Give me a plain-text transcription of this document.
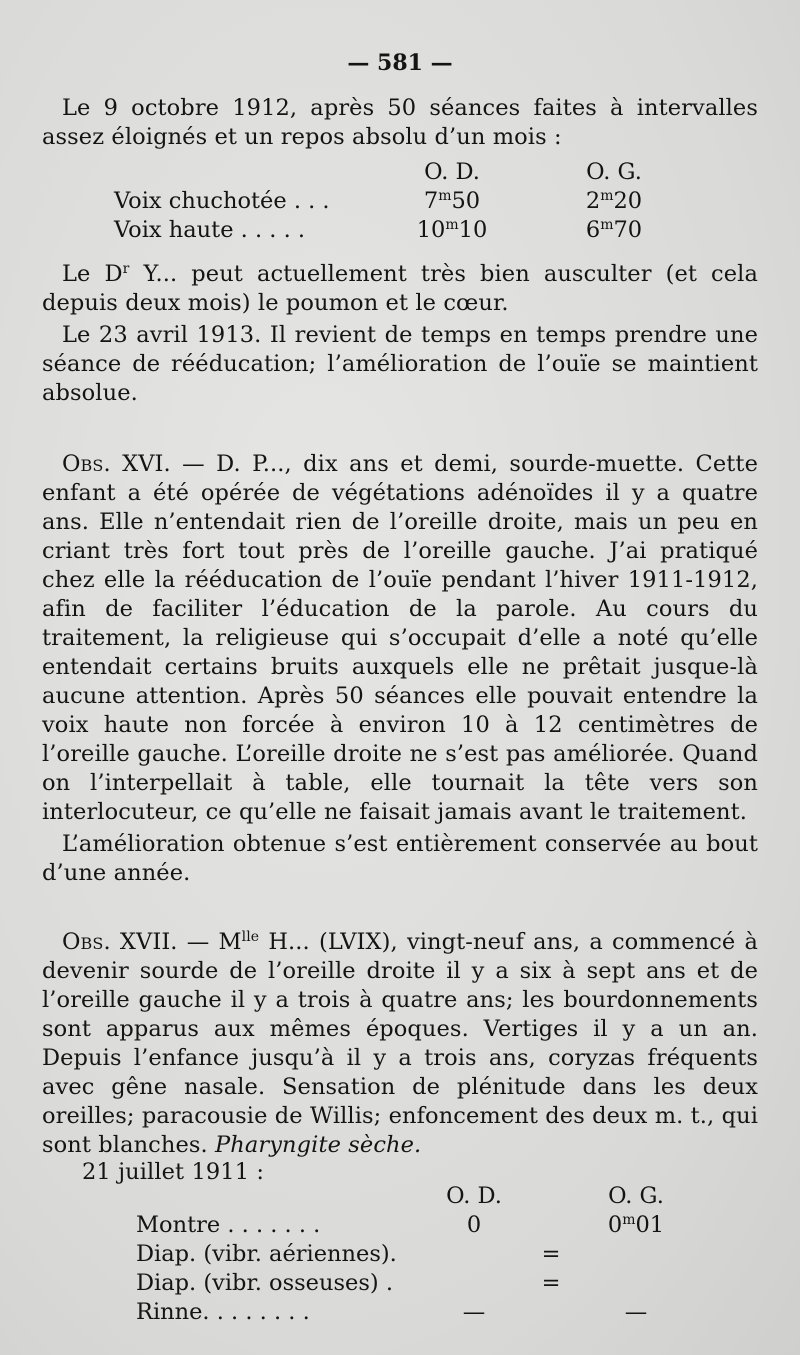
— 581 —
Le 9 octobre 1912, après 50 séances faites à intervalles assez éloignés et un repos absolu d’un mois :
O. D.	O. G.
Voix chuchotée . . .	7$^m$50	2$^m$20
Voix haute . . . . .	10$^m$10	6$^m$70
Le $D^r$ Y... peut actuellement très bien ausculter (et cela depuis deux mois) le poumon et le cœur.
Le 23 avril 1913. Il revient de temps en temps prendre une séance de rééducation; l’amélioration de l’ouïe se maintient absolue.
Obs. XVI. — D. P..., dix ans et demi, sourde-muette. Cette enfant a été opérée de végétations adénoïdes il y a quatre ans. Elle n’entendait rien de l’oreille droite, mais un peu en criant très fort tout près de l’oreille gauche. J’ai pratiqué chez elle la rééducation de l’ouïe pendant l’hiver 1911-1912, afin de faciliter l’éducation de la parole. Au cours du traitement, la religieuse qui s’occupait d’elle a noté qu’elle entendait certains bruits auxquels elle ne prêtait jusque-là aucune attention. Après 50 séances elle pouvait entendre la voix haute non forcée à environ 10 à 12 centimètres de l’oreille gauche. L’oreille droite ne s’est pas améliorée. Quand on l’interpellait à table, elle tournait la tête vers son interlocuteur, ce qu’elle ne faisait jamais avant le traitement.
L’amélioration obtenue s’est entièrement conservée au bout d’une année.
Obs. XVII. — $M^{lle}$ H... (LVIX), vingt-neuf ans, a commencé à devenir sourde de l’oreille droite il y a six à sept ans et de l’oreille gauche il y a trois à quatre ans; les bourdonnements sont apparus aux mêmes époques. Vertiges il y a un an. Depuis l’enfance jusqu’à il y a trois ans, coryzas fréquents avec gêne nasale. Sensation de plénitude dans les deux oreilles; paracousie de Willis; enfoncement des deux m. t., qui sont blanches. Pharyngite sèche.
21 juillet 1911 :
O. D.	O. G.
Montre . . . . . . .	0	0$^m$01
Diap. (vibr. aériennes).	=
Diap. (vibr. osseuses) .	=
Rinne. . . . . . . .	—	—
